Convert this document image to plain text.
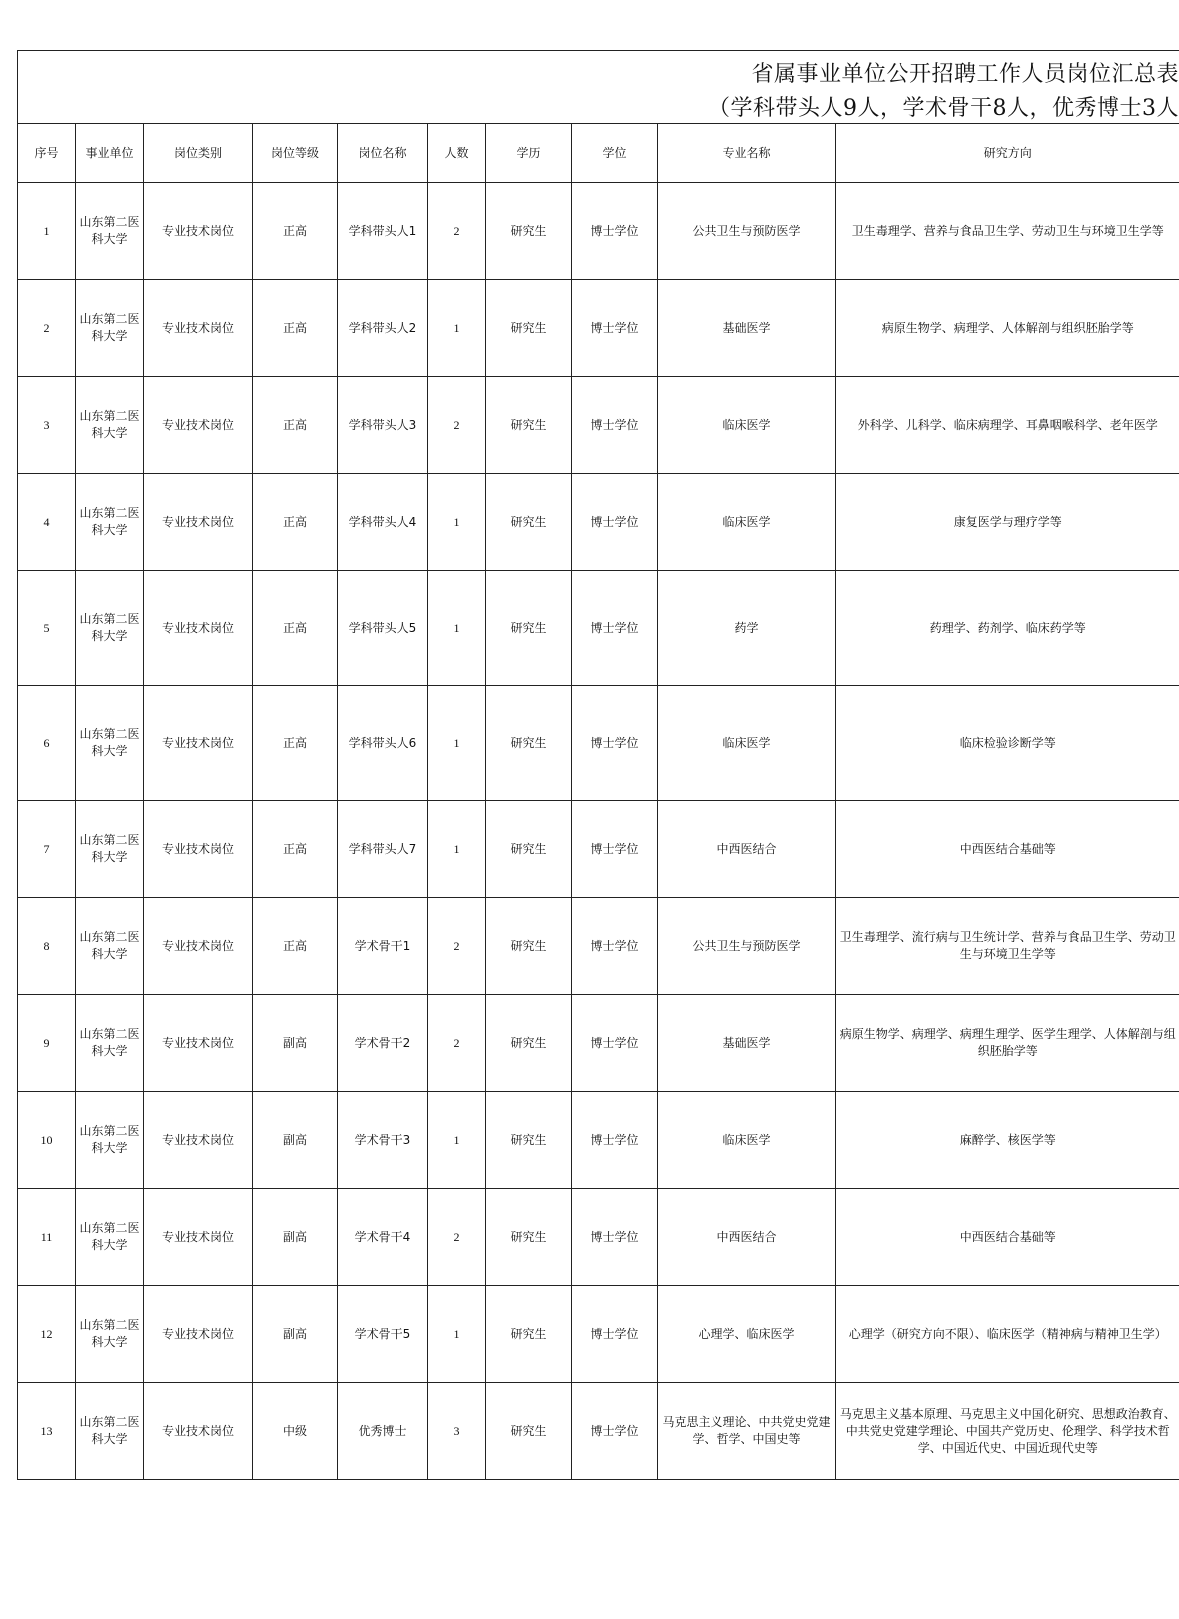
省属事业单位公开招聘工作人员岗位汇总表
（学科带头人9人，学术骨干8人，优秀博士3人
序号	事业单位	岗位类别	岗位等级	岗位名称	人数	学历	学位	专业名称	研究方向
1	山东第二医科大学	专业技术岗位	正高	学科带头人1	2	研究生	博士学位	公共卫生与预防医学	卫生毒理学、营养与食品卫生学、劳动卫生与环境卫生学等
2	山东第二医科大学	专业技术岗位	正高	学科带头人2	1	研究生	博士学位	基础医学	病原生物学、病理学、人体解剖与组织胚胎学等
3	山东第二医科大学	专业技术岗位	正高	学科带头人3	2	研究生	博士学位	临床医学	外科学、儿科学、临床病理学、耳鼻咽喉科学、老年医学
4	山东第二医科大学	专业技术岗位	正高	学科带头人4	1	研究生	博士学位	临床医学	康复医学与理疗学等
5	山东第二医科大学	专业技术岗位	正高	学科带头人5	1	研究生	博士学位	药学	药理学、药剂学、临床药学等
6	山东第二医科大学	专业技术岗位	正高	学科带头人6	1	研究生	博士学位	临床医学	临床检验诊断学等
7	山东第二医科大学	专业技术岗位	正高	学科带头人7	1	研究生	博士学位	中西医结合	中西医结合基础等
8	山东第二医科大学	专业技术岗位	正高	学术骨干1	2	研究生	博士学位	公共卫生与预防医学	卫生毒理学、流行病与卫生统计学、营养与食品卫生学、劳动卫生与环境卫生学等
9	山东第二医科大学	专业技术岗位	副高	学术骨干2	2	研究生	博士学位	基础医学	病原生物学、病理学、病理生理学、医学生理学、人体解剖与组织胚胎学等
10	山东第二医科大学	专业技术岗位	副高	学术骨干3	1	研究生	博士学位	临床医学	麻醉学、核医学等
11	山东第二医科大学	专业技术岗位	副高	学术骨干4	2	研究生	博士学位	中西医结合	中西医结合基础等
12	山东第二医科大学	专业技术岗位	副高	学术骨干5	1	研究生	博士学位	心理学、临床医学	心理学（研究方向不限）、临床医学（精神病与精神卫生学）
13	山东第二医科大学	专业技术岗位	中级	优秀博士	3	研究生	博士学位	马克思主义理论、中共党史党建学、哲学、中国史等	马克思主义基本原理、马克思主义中国化研究、思想政治教育、中共党史党建学理论、中国共产党历史、伦理学、科学技术哲学、中国近代史、中国近现代史等
